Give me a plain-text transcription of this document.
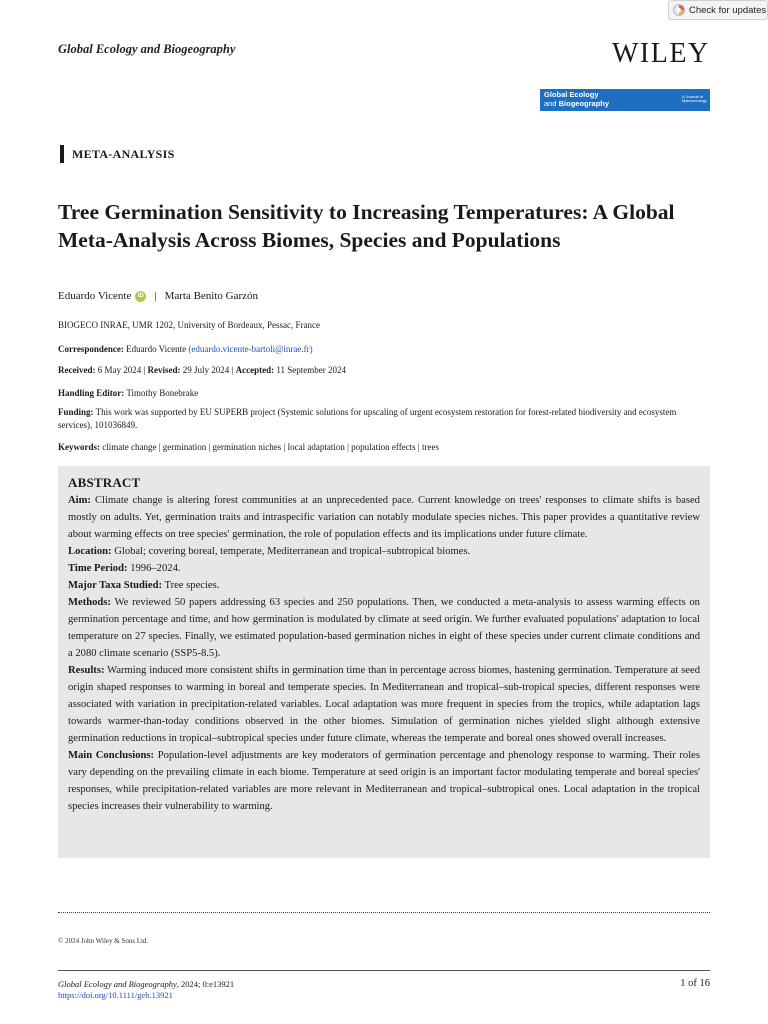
Check for updates
Global Ecology and Biogeography	WILEY
Global Ecology
and Biogeography
A Journal of Macroecology
META-ANALYSIS
Tree Germination Sensitivity to Increasing Temperatures: A Global Meta-Analysis Across Biomes, Species and Populations
Eduardo Vicente	iD | Marta Benito Garzón
BIOGECO INRAE, UMR 1202, University of Bordeaux, Pessac, France
Correspondence: Eduardo Vicente (eduardo.vicente-bartoli@inrae.fr)
Received: 6 May 2024 | Revised: 29 July 2024 | Accepted: 11 September 2024
Handling Editor: Timothy Bonebrake
Funding: This work was supported by EU SUPERB project (Systemic solutions for upscaling of urgent ecosystem restoration for forest-related biodiversity and ecosystem services), 101036849.
Keywords: climate change | germination | germination niches | local adaptation | population effects | trees
ABSTRACT

Aim: Climate change is altering forest communities at an unprecedented pace. Current knowledge on trees' responses to climate shifts is based mostly on adults. Yet, germination traits and intraspecific variation can notably modulate species niches. This paper provides a quantitative review about warming effects on tree species' germination, the role of population effects and its implications under future climate.

Location: Global; covering boreal, temperate, Mediterranean and tropical–subtropical biomes.

Time Period: 1996–2024.

Major Taxa Studied: Tree species.

Methods: We reviewed 50 papers addressing 63 species and 250 populations. Then, we conducted a meta-analysis to assess warming effects on germination percentage and time, and how germination is modulated by climate at seed origin. We further evaluated populations' adaptation to local temperature on 27 species. Finally, we estimated population-based germination niches in eight of these species under current climate conditions and a 2080 climate scenario (SSP5-8.5).

Results: Warming induced more consistent shifts in germination time than in percentage across biomes, hastening germination. Temperature at seed origin shaped responses to warming in boreal and temperate species. In Mediterranean and tropical–sub-tropical species, different responses were associated with variation in precipitation-related variables. Local adaptation was more frequent in species from the tropics, while adaptation lags towards warmer-than-today conditions observed in the other biomes. Simulation of germination niches yielded slight although extensive germination reductions in tropical–subtropical species under future climate, whereas the temperate and boreal ones showed overall increases.

Main Conclusions: Population-level adjustments are key moderators of germination percentage and phenology response to warming. Their roles vary depending on the prevailing climate in each biome. Temperature at seed origin is an important factor modulating temperate and boreal species' responses, while precipitation-related variables are more relevant in Mediterranean and tropical–subtropical ones. Local adaptation in the tropical species increases their vulnerability to warming.

© 2024 John Wiley & Sons Ltd.
Global Ecology and Biogeography, 2024; 0:e13921
https://doi.org/10.1111/geb.13921
1 of 16
